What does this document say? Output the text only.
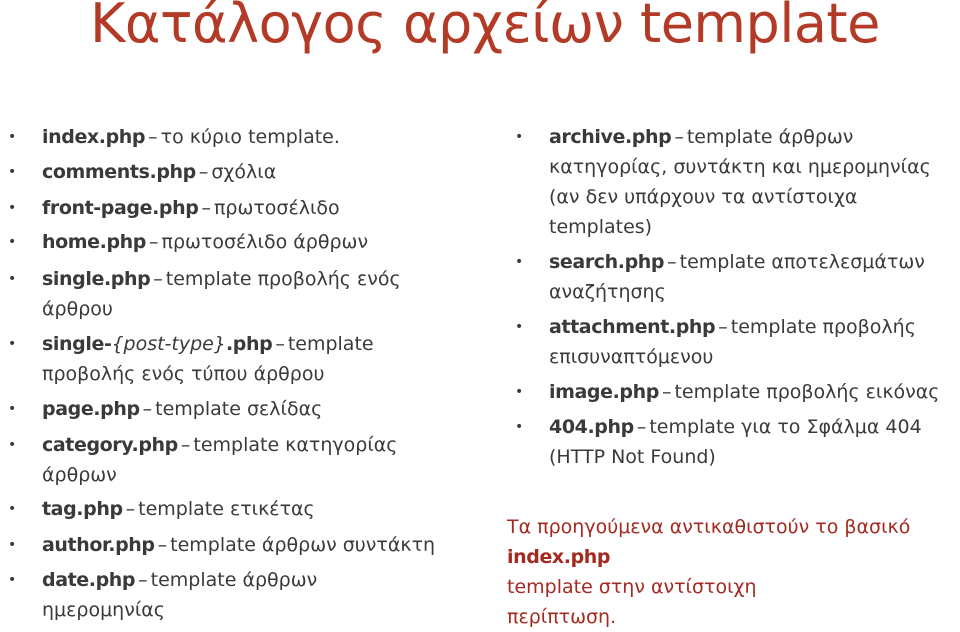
Κατάλογος αρχείων template
• index.php – το κύριο template.
• comments.php – σχόλια
• front-page.php – πρωτοσέλιδο
• home.php – πρωτοσέλιδο άρθρων
• single.php – template προβολής ενός
άρθρου
• single-{post-type}.php – template
προβολής ενός τύπου άρθρου
• page.php – template σελίδας
• category.php – template κατηγορίας
άρθρων
• tag.php – template ετικέτας
• author.php – template άρθρων συντάκτη
• date.php – template άρθρων
ημερομηνίας
• archive.php – template άρθρων
κατηγορίας, συντάκτη και ημερομηνίας
(αν δεν υπάρχουν τα αντίστοιχα
templates)
• search.php – template αποτελεσμάτων
αναζήτησης
• attachment.php – template προβολής
επισυναπτόμενου
• image.php – template προβολής εικόνας
• 404.php – template για το Σφάλμα 404
(HTTP Not Found)
Τα προηγούμενα αντικαθιστούν το βασικό
index.php
template στην αντίστοιχη
περίπτωση.
